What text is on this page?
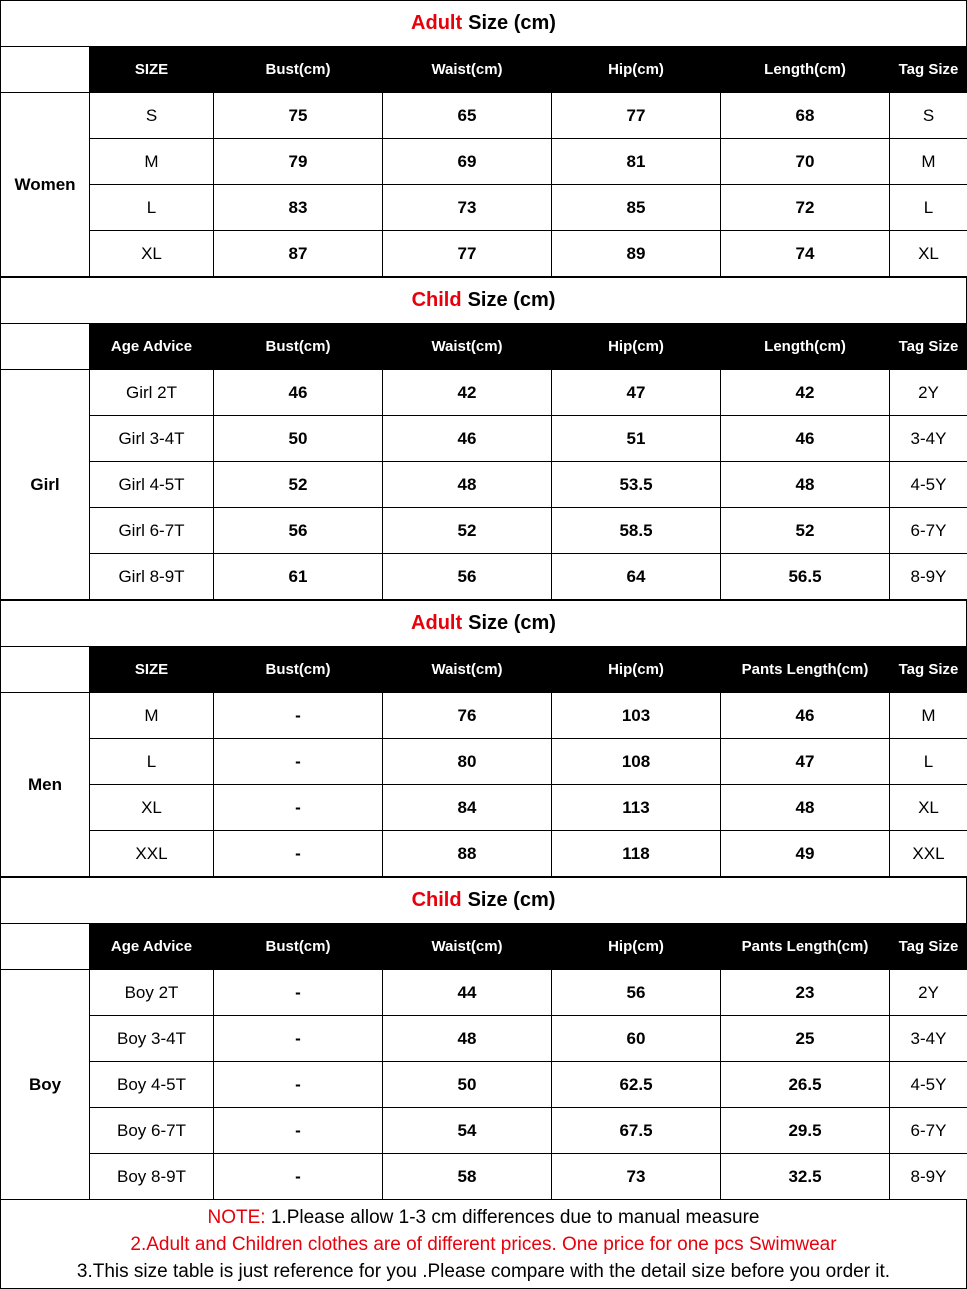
Adult Size (cm)
	SIZE	Bust(cm)	Waist(cm)	Hip(cm)	Length(cm)	Tag Size
Women	S	75	65	77	68	S
	M	79	69	81	70	M
	L	83	73	85	72	L
	XL	87	77	89	74	XL
Child Size (cm)
	Age Advice	Bust(cm)	Waist(cm)	Hip(cm)	Length(cm)	Tag Size
Girl	Girl 2T	46	42	47	42	2Y
	Girl 3-4T	50	46	51	46	3-4Y
	Girl 4-5T	52	48	53.5	48	4-5Y
	Girl 6-7T	56	52	58.5	52	6-7Y
	Girl 8-9T	61	56	64	56.5	8-9Y
Adult Size (cm)
	SIZE	Bust(cm)	Waist(cm)	Hip(cm)	Pants Length(cm)	Tag Size
Men	M	-	76	103	46	M
	L	-	80	108	47	L
	XL	-	84	113	48	XL
	XXL	-	88	118	49	XXL
Child Size (cm)
	Age Advice	Bust(cm)	Waist(cm)	Hip(cm)	Pants Length(cm)	Tag Size
Boy	Boy 2T	-	44	56	23	2Y
	Boy 3-4T	-	48	60	25	3-4Y
	Boy 4-5T	-	50	62.5	26.5	4-5Y
	Boy 6-7T	-	54	67.5	29.5	6-7Y
	Boy 8-9T	-	58	73	32.5	8-9Y
NOTE: 1.Please allow 1-3 cm differences due to manual measure
2.Adult and Children clothes are of different prices. One price for one pcs Swimwear
3.This size table is just reference for you .Please compare with the detail size before you order it.
